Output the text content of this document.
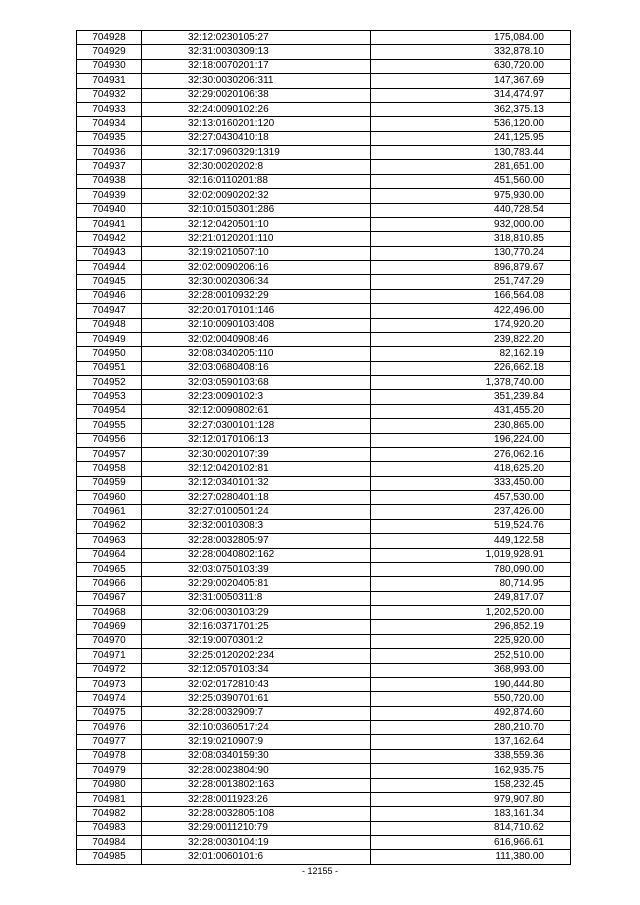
704928	32:12:0230105:27	175,084.00
704929	32:31:0030309:13	332,878.10
704930	32:18:0070201:17	630,720.00
704931	32:30:0030206:311	147,367.69
704932	32:29:0020106:38	314,474.97
704933	32:24:0090102:26	362,375.13
704934	32:13:0160201:120	536,120.00
704935	32:27:0430410:18	241,125.95
704936	32:17:0960329:1319	130,783.44
704937	32:30:0020202:8	281,651.00
704938	32:16:0110201:88	451,560.00
704939	32:02:0090202:32	975,930.00
704940	32:10:0150301:286	440,728.54
704941	32:12:0420501:10	932,000.00
704942	32:21:0120201:110	318,810.85
704943	32:19:0210507:10	130,770.24
704944	32:02:0090206:16	896,879.67
704945	32:30:0020306:34	251,747.29
704946	32:28:0010932:29	166,564.08
704947	32:20:0170101:146	422,496.00
704948	32:10:0090103:408	174,920.20
704949	32:02:0040908:46	239,822.20
704950	32:08:0340205:110	82,162.19
704951	32:03:0680408:16	226,662.18
704952	32:03:0590103:68	1,378,740.00
704953	32:23:0090102:3	351,239.84
704954	32:12:0090802:61	431,455.20
704955	32:27:0300101:128	230,865.00
704956	32:12:0170106:13	196,224.00
704957	32:30:0020107:39	276,062.16
704958	32:12:0420102:81	418,625.20
704959	32:12:0340101:32	333,450.00
704960	32:27:0280401:18	457,530.00
704961	32:27:0100501:24	237,426.00
704962	32:32:0010308:3	519,524.76
704963	32:28:0032805:97	449,122.58
704964	32:28:0040802:162	1,019,928.91
704965	32:03:0750103:39	780,090.00
704966	32:29:0020405:81	80,714.95
704967	32:31:0050311:8	249,817.07
704968	32:06:0030103:29	1,202,520.00
704969	32:16:0371701:25	296,852.19
704970	32:19:0070301:2	225,920.00
704971	32:25:0120202:234	252,510.00
704972	32:12:0570103:34	368,993.00
704973	32:02:0172810:43	190,444.80
704974	32:25:0390701:61	550,720.00
704975	32:28:0032909:7	492,874.60
704976	32:10:0360517:24	280,210.70
704977	32:19:0210907:9	137,162.64
704978	32:08:0340159:30	338,559.36
704979	32:28:0023804:90	162,935.75
704980	32:28:0013802:163	158,232.45
704981	32:28:0011923:26	979,907.80
704982	32:28:0032805:108	183,161.34
704983	32:29:0011210:79	814,710.62
704984	32:28:0030104:19	616,966.61
704985	32:01:0060101:6	111,380.00
- 12155 -
